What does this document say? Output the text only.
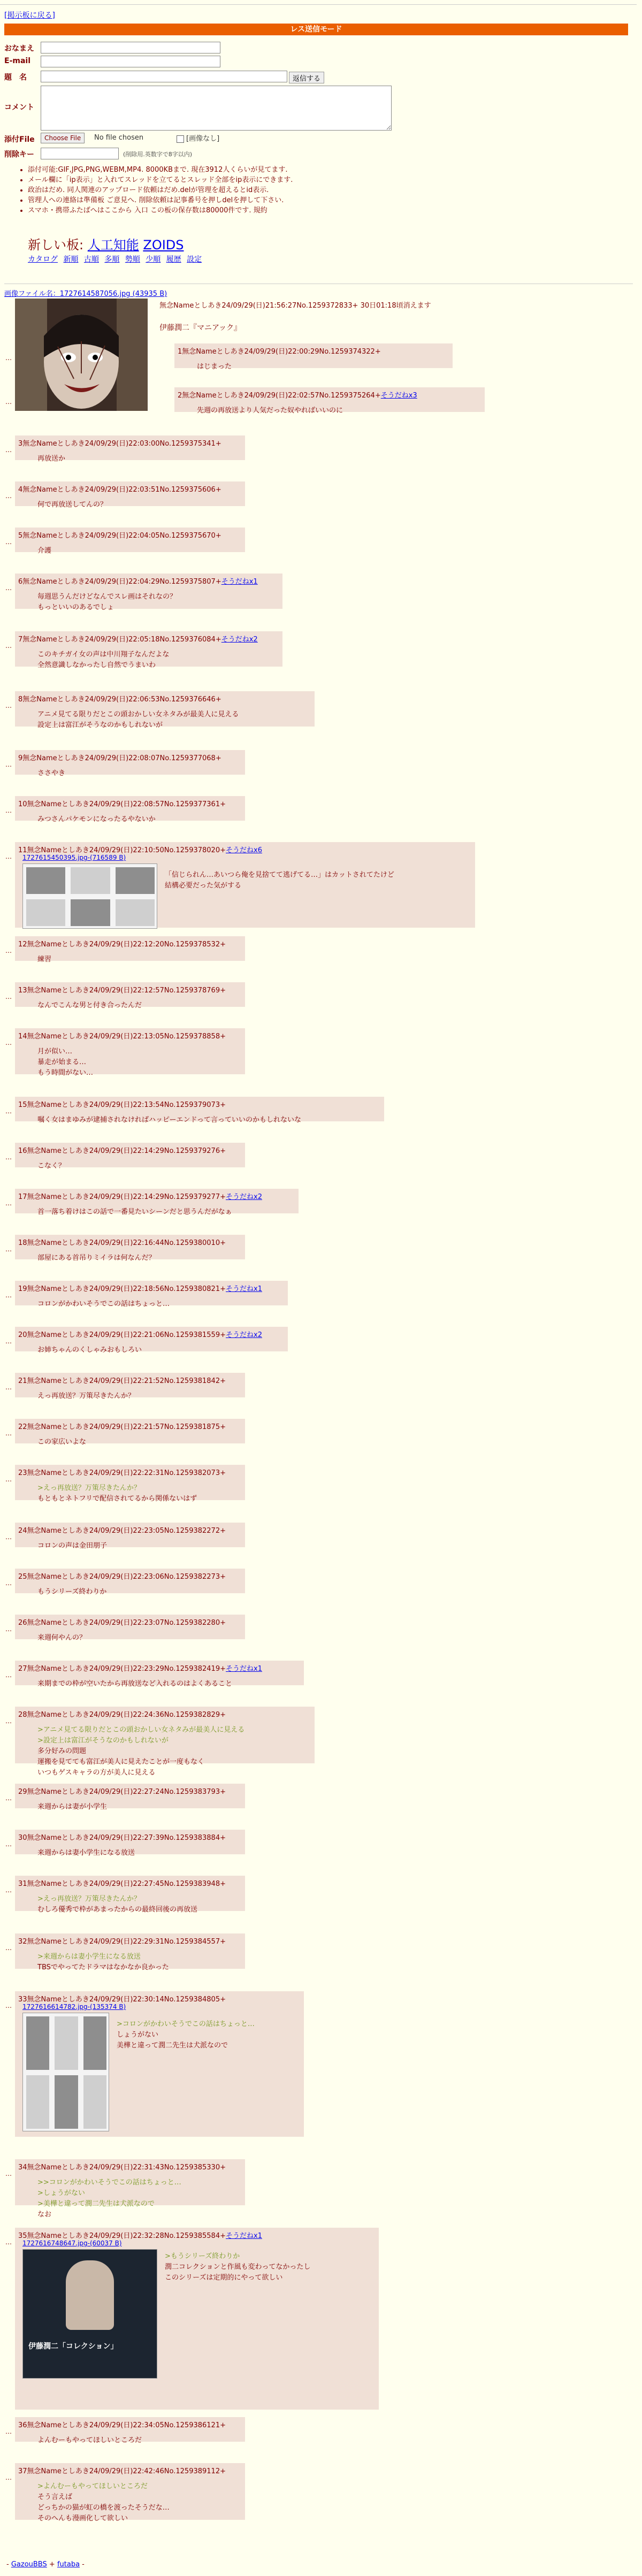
[掲示板に戻る]
レス送信モード
おなまえ
E-mail
題　名	返信する
コメント
添付File	Choose File	No file chosen	[画像なし]
削除キー	(削除用.英数字で8字以内)
• 添付可能:GIF,JPG,PNG,WEBM,MP4. 8000KBまで. 現在3912人くらいが見てます.
• メール欄に「ip表示」と入れてスレッドを立てるとスレッド全部をip表示にできます.
• 政治はだめ. 同人関連のアップロード依頼はだめ.delが管理を超えるとid表示.
• 管理人への連絡は準備板 ご意見へ. 削除依頼は記事番号を押しdelを押して下さい.
• スマホ・携帯ふたばへはここから 入口 この板の保存数は80000件です. 規約
新しい板: 人工知能 ZOIDS
カタログ 新順 古順 多順 勢順 少順 履歴 設定
画像ファイル名：1727614587056.jpg (43935 B)
無念Nameとしあき24/09/29(日)21:56:27No.1259372833+ 30日01:18頃消えます
伊藤潤二『マニアック』
…
1無念Nameとしあき24/09/29(日)22:00:29No.1259374322+
はじまった
…
2無念Nameとしあき24/09/29(日)22:02:57No.1259375264+そうだねx3
先週の再放送より人気だった奴やればいいのに
…
3無念Nameとしあき24/09/29(日)22:03:00No.1259375341+
再放送か
…
4無念Nameとしあき24/09/29(日)22:03:51No.1259375606+
何で再放送してんの？
…
5無念Nameとしあき24/09/29(日)22:04:05No.1259375670+
介護
…
6無念Nameとしあき24/09/29(日)22:04:29No.1259375807+そうだねx1
毎週思うんだけどなんでスレ画はそれなの？
もっといいのあるでしょ
…
7無念Nameとしあき24/09/29(日)22:05:18No.1259376084+そうだねx2
このキチガイ女の声は中川翔子なんだよな
全然意識しなかったし自然でうまいわ
…
8無念Nameとしあき24/09/29(日)22:06:53No.1259376646+
アニメ見てる限りだとこの頭おかしい女ネタみが最美人に見える
設定上は富江がそうなのかもしれないが
…
9無念Nameとしあき24/09/29(日)22:08:07No.1259377068+
ささやき
…
10無念Nameとしあき24/09/29(日)22:08:57No.1259377361+
みつさんパケモンになったるやないか
…
11無念Nameとしあき24/09/29(日)22:10:50No.1259378020+そうだねx6
1727615450395.jpg-(716589 B)
「信じられん…あいつら俺を見捨てて逃げてる…」はカットされてたけど
結構必要だった気がする
…
12無念Nameとしあき24/09/29(日)22:12:20No.1259378532+
練習
…
13無念Nameとしあき24/09/29(日)22:12:57No.1259378769+
なんでこんな男と付き合ったんだ
…
14無念Nameとしあき24/09/29(日)22:13:05No.1259378858+
月が似い…
暴走が始まる…
もう時間がない…
…
15無念Nameとしあき24/09/29(日)22:13:54No.1259379073+
嘱く女はまゆみが逮捕されなければハッピーエンドって言っていいのかもしれないな
…
16無念Nameとしあき24/09/29(日)22:14:29No.1259379276+
こなく？
…
17無念Nameとしあき24/09/29(日)22:14:29No.1259379277+そうだねx2
首一落ち着けはこの話で一番見たいシーンだと思うんだがなぁ
…
18無念Nameとしあき24/09/29(日)22:16:44No.1259380010+
部屋にある首吊りミイラは何なんだ？
…
19無念Nameとしあき24/09/29(日)22:18:56No.1259380821+そうだねx1
コロンがかわいそうでこの話はちょっと…
…
20無念Nameとしあき24/09/29(日)22:21:06No.1259381559+そうだねx2
お姉ちゃんのくしゃみおもしろい
…
21無念Nameとしあき24/09/29(日)22:21:52No.1259381842+
えっ再放送？万策尽きたんか？
…
22無念Nameとしあき24/09/29(日)22:21:57No.1259381875+
この家広いよな
…
23無念Nameとしあき24/09/29(日)22:22:31No.1259382073+
>えっ再放送？万策尽きたんか？
もともとネトフリで配信されてるから関係ないはず
…
24無念Nameとしあき24/09/29(日)22:23:05No.1259382272+
コロンの声は金田朋子
…
25無念Nameとしあき24/09/29(日)22:23:06No.1259382273+
もうシリーズ終わりか
…
26無念Nameとしあき24/09/29(日)22:23:07No.1259382280+
来週何やんの？
…
27無念Nameとしあき24/09/29(日)22:23:29No.1259382419+そうだねx1
来期までの枠が空いたから再放送など入れるのはよくあること
…
28無念Nameとしあき24/09/29(日)22:24:36No.1259382829+
>アニメ見てる限りだとこの頭おかしい女ネタみが最美人に見える
>設定上は富江がそうなのかもしれないが
多分好みの問題
運搬を見てても富江が美人に見えたことが一度もなく
いつもゲスキャラの方が美人に見える
…
29無念Nameとしあき24/09/29(日)22:27:24No.1259383793+
来週からは妻が小学生
…
30無念Nameとしあき24/09/29(日)22:27:39No.1259383884+
来週からは妻小学生になる放送
…
31無念Nameとしあき24/09/29(日)22:27:45No.1259383948+
>えっ再放送？万策尽きたんか？
むしろ優秀で枠があまったからの最終回後の再放送
…
32無念Nameとしあき24/09/29(日)22:29:31No.1259384557+
>来週からは妻小学生になる放送
TBSでやってたドラマはなかなか良かった
…
33無念Nameとしあき24/09/29(日)22:30:14No.1259384805+
1727616614782.jpg-(135374 B)
>コロンがかわいそうでこの話はちょっと…
しょうがない
美樺と違って潤二先生は犬派なので
…
34無念Nameとしあき24/09/29(日)22:31:43No.1259385330+
>>コロンがかわいそうでこの話はちょっと…
>しょうがない
>美樺と違って潤二先生は犬派なので
なお
…
35無念Nameとしあき24/09/29(日)22:32:28No.1259385584+そうだねx1
1727616748647.jpg-(60037 B)
伊藤潤二「コレクション」
>もうシリーズ終わりか
潤二コレクションと作風も変わってなかったし
このシリーズは定期的にやって欲しい
…
36無念Nameとしあき24/09/29(日)22:34:05No.1259386121+
よんむーもやってほしいところだ
…
37無念Nameとしあき24/09/29(日)22:42:46No.1259389112+
>よんむーもやってほしいところだ
そう言えば
どっちかの猫が虹の橋を渡ったそうだな…
そのへんも漫画化して欲しい
- GazouBBS + futaba -
